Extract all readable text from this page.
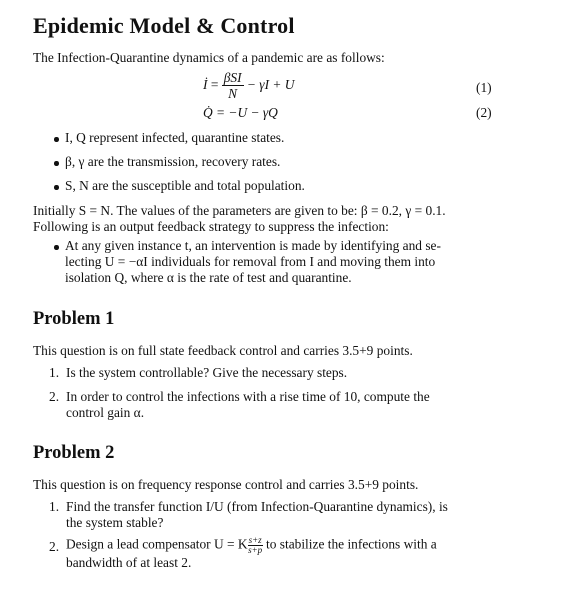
Epidemic Model & Control
The Infection-Quarantine dynamics of a pandemic are as follows:
İ = $\frac{\text{βSI}}{N} - \gamma I + U$	(1)
Q̇ = −U − γQ	(2)
I, Q represent infected, quarantine states.
β, γ are the transmission, recovery rates.
S, N are the susceptible and total population.
Initially S = N. The values of the parameters are given to be: β = 0.2, γ = 0.1.
Following is an output feedback strategy to suppress the infection:
At any given instance t, an intervention is made by identifying and se-
lecting U = −αI individuals for removal from I and moving them into
isolation Q, where α is the rate of test and quarantine.
Problem 1
This question is on full state feedback control and carries 3.5+9 points.
1. Is the system controllable? Give the necessary steps.
2. In order to control the infections with a rise time of 10, compute the
control gain α.
Problem 2
This question is on frequency response control and carries 3.5+9 points.
1. Find the transfer function I/U (from Infection-Quarantine dynamics), is
the system stable?
2. Design a lead compensator U = K $\frac{s+z}{s+p}$ to stabilize the infections with a
bandwidth of at least 2.
